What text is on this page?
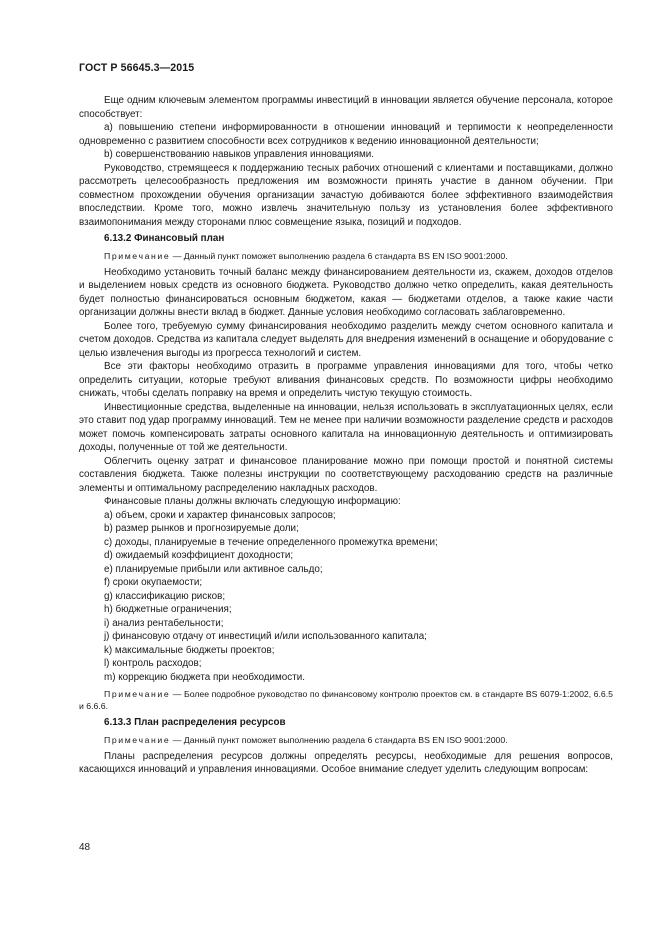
ГОСТ Р 56645.3—2015
Еще одним ключевым элементом программы инвестиций в инновации является обучение персонала, которое способствует:
a) повышению степени информированности в отношении инноваций и терпимости к неопределенности одновременно с развитием способности всех сотрудников к ведению инновационной деятельности;
b) совершенствованию навыков управления инновациями.
Руководство, стремящееся к поддержанию тесных рабочих отношений с клиентами и поставщиками, должно рассмотреть целесообразность предложения им возможности принять участие в данном обучении. При совместном прохождении обучения организации зачастую добиваются более эффективного взаимодействия впоследствии. Кроме того, можно извлечь значительную пользу из установления более эффективного взаимопонимания между сторонами плюс совмещение языка, позиций и подходов.
6.13.2 Финансовый план
Примечание — Данный пункт поможет выполнению раздела 6 стандарта BS EN ISO 9001:2000.
Необходимо установить точный баланс между финансированием деятельности из, скажем, доходов отделов и выделением новых средств из основного бюджета. Руководство должно четко определить, какая деятельность будет полностью финансироваться основным бюджетом, какая — бюджетами отделов, а также какие части организации должны внести вклад в бюджет. Данные условия необходимо согласовать заблаговременно.
Более того, требуемую сумму финансирования необходимо разделить между счетом основного капитала и счетом доходов. Средства из капитала следует выделять для внедрения изменений в оснащение и оборудование с целью извлечения выгоды из прогресса технологий и систем.
Все эти факторы необходимо отразить в программе управления инновациями для того, чтобы четко определить ситуации, которые требуют вливания финансовых средств. По возможности цифры необходимо снижать, чтобы сделать поправку на время и определить чистую текущую стоимость.
Инвестиционные средства, выделенные на инновации, нельзя использовать в эксплуатационных целях, если это ставит под удар программу инноваций. Тем не менее при наличии возможности разделение средств и расходов может помочь компенсировать затраты основного капитала на инновационную деятельность и оптимизировать доходы, полученные от той же деятельности.
Облегчить оценку затрат и финансовое планирование можно при помощи простой и понятной системы составления бюджета. Также полезны инструкции по соответствующему расходованию средств на различные элементы и оптимальному распределению накладных расходов.
Финансовые планы должны включать следующую информацию:
a) объем, сроки и характер финансовых запросов;
b) размер рынков и прогнозируемые доли;
c) доходы, планируемые в течение определенного промежутка времени;
d) ожидаемый коэффициент доходности;
e) планируемые прибыли или активное сальдо;
f) сроки окупаемости;
g) классификацию рисков;
h) бюджетные ограничения;
i) анализ рентабельности;
j) финансовую отдачу от инвестиций и/или использованного капитала;
k) максимальные бюджеты проектов;
l) контроль расходов;
m) коррекцию бюджета при необходимости.
Примечание — Более подробное руководство по финансовому контролю проектов см. в стандарте BS 6079-1:2002, 6.6.5 и 6.6.6.
6.13.3 План распределения ресурсов
Примечание — Данный пункт поможет выполнению раздела 6 стандарта BS EN ISO 9001:2000.
Планы распределения ресурсов должны определять ресурсы, необходимые для решения вопросов, касающихся инноваций и управления инновациями. Особое внимание следует уделить следующим вопросам:
48
